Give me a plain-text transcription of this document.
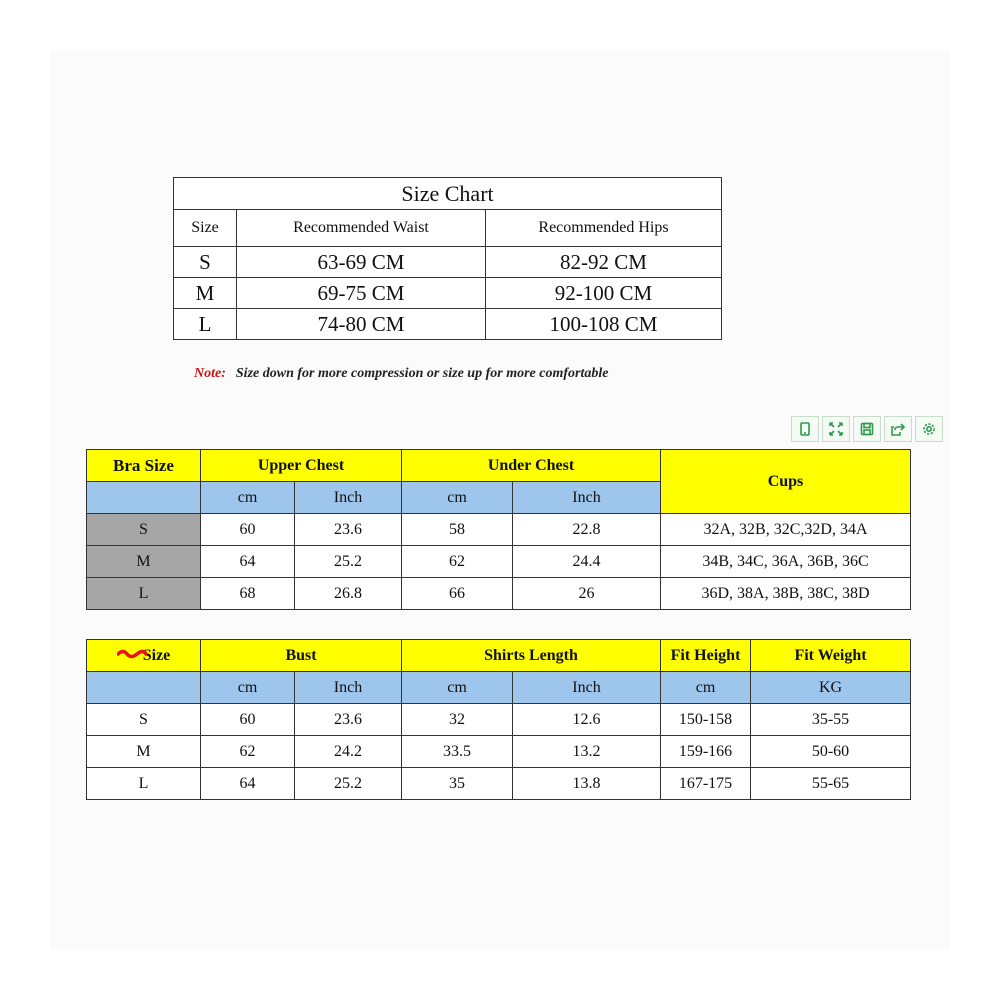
Size Chart		
Size	Recommended Waist	Recommended Hips
S	63-69 CM	82-92 CM
M	69-75 CM	92-100 CM
L	74-80 CM	100-108 CM
Note: Size down for more compression or size up for more comfortable
Bra Size	Upper Chest		Under Chest		Cups
	cm	Inch	cm	Inch	
S	60	23.6	58	22.8	32A, 32B, 32C,32D, 34A
M	64	25.2	62	24.4	34B, 34C, 36A, 36B, 36C
L	68	26.8	66	26	36D, 38A, 38B, 38C, 38D
Size	Bust		Shirts Length		Fit Height	Fit Weight
	cm	Inch	cm	Inch	cm	KG
S	60	23.6	32	12.6	150-158	35-55
M	62	24.2	33.5	13.2	159-166	50-60
L	64	25.2	35	13.8	167-175	55-65
